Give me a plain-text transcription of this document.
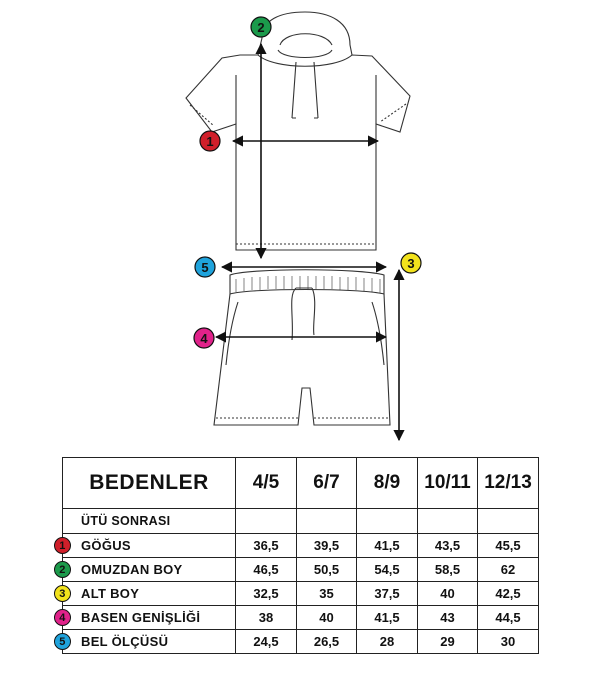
1
2
3
4
5
BEDENLER	4/5	6/7	8/9	10/11	12/13
ÜTÜ SONRASI					

1 GÖĞUS	36,5	39,5	41,5	43,5	45,5

2 OMUZDAN BOY	46,5	50,5	54,5	58,5	62

3 ALT BOY	32,5	35	37,5	40	42,5

4 BASEN GENİŞLİĞİ	38	40	41,5	43	44,5

5 BEL ÖLÇÜSÜ	24,5	26,5	28	29	30
